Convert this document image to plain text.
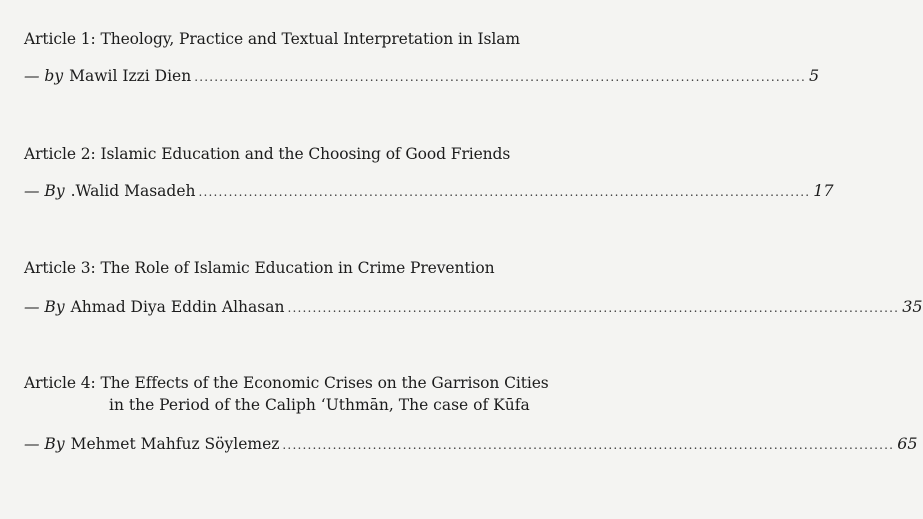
Article 1: Theology, Practice and Textual Interpretation in Islam
— by Mawil Izzi Dien .......................................................................................................................... 5
Article 2: Islamic Education and the Choosing of Good Friends
— By .Walid Masadeh .......................................................................................................................... 17
Article 3: The Role of Islamic Education in Crime Prevention
— By Ahmad Diya Eddin Alhasan .......................................................................................................................... 35
Article 4: The Effects of the Economic Crises on the Garrison Cities
in the Period of the Caliph ‘Uthmān, The case of Kūfa
— By Mehmet Mahfuz Söylemez .......................................................................................................................... 65
